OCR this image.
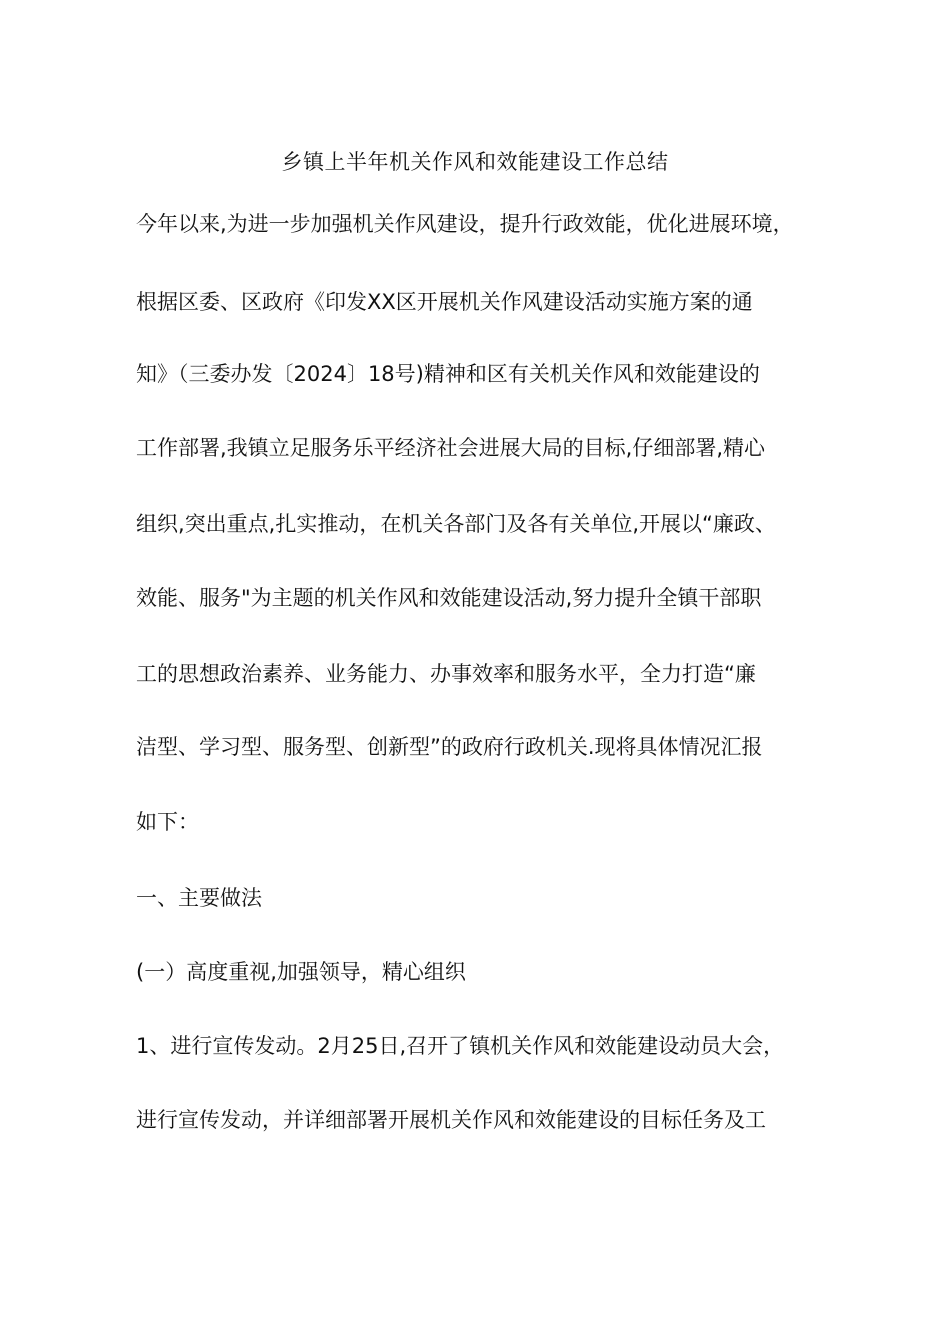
乡镇上半年机关作风和效能建设工作总结
今年以来,为进一步加强机关作风建设，提升行政效能，优化进展环境，
根据区委、区政府《印发XX区开展机关作风建设活动实施方案的通
知》（三委办发〔2024〕18号)精神和区有关机关作风和效能建设的
工作部署,我镇立足服务乐平经济社会进展大局的目标,仔细部署,精心
组织,突出重点,扎实推动，在机关各部门及各有关单位,开展以“廉政、
效能、服务"为主题的机关作风和效能建设活动,努力提升全镇干部职
工的思想政治素养、业务能力、办事效率和服务水平，全力打造“廉
洁型、学习型、服务型、创新型”的政府行政机关.现将具体情况汇报
如下：
一、主要做法
(一）高度重视,加强领导，精心组织
1、进行宣传发动。2月25日,召开了镇机关作风和效能建设动员大会，
进行宣传发动，并详细部署开展机关作风和效能建设的目标任务及工
